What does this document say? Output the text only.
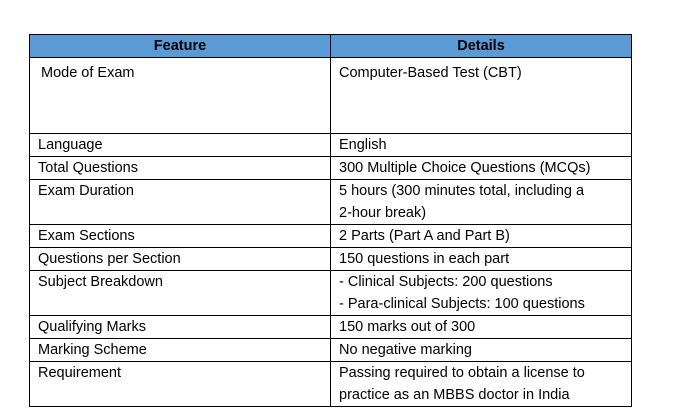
Feature	Details
Mode of Exam	Computer-Based Test (CBT)

Language	English

Total Questions	300 Multiple Choice Questions (MCQs)

Exam Duration	5 hours (300 minutes total, including a
2-hour break)

Exam Sections	2 Parts (Part A and Part B)

Questions per Section	150 questions in each part

Subject Breakdown	- Clinical Subjects: 200 questions
- Para-clinical Subjects: 100 questions

Qualifying Marks	150 marks out of 300

Marking Scheme	No negative marking

Requirement	Passing required to obtain a license to
practice as an MBBS doctor in India
